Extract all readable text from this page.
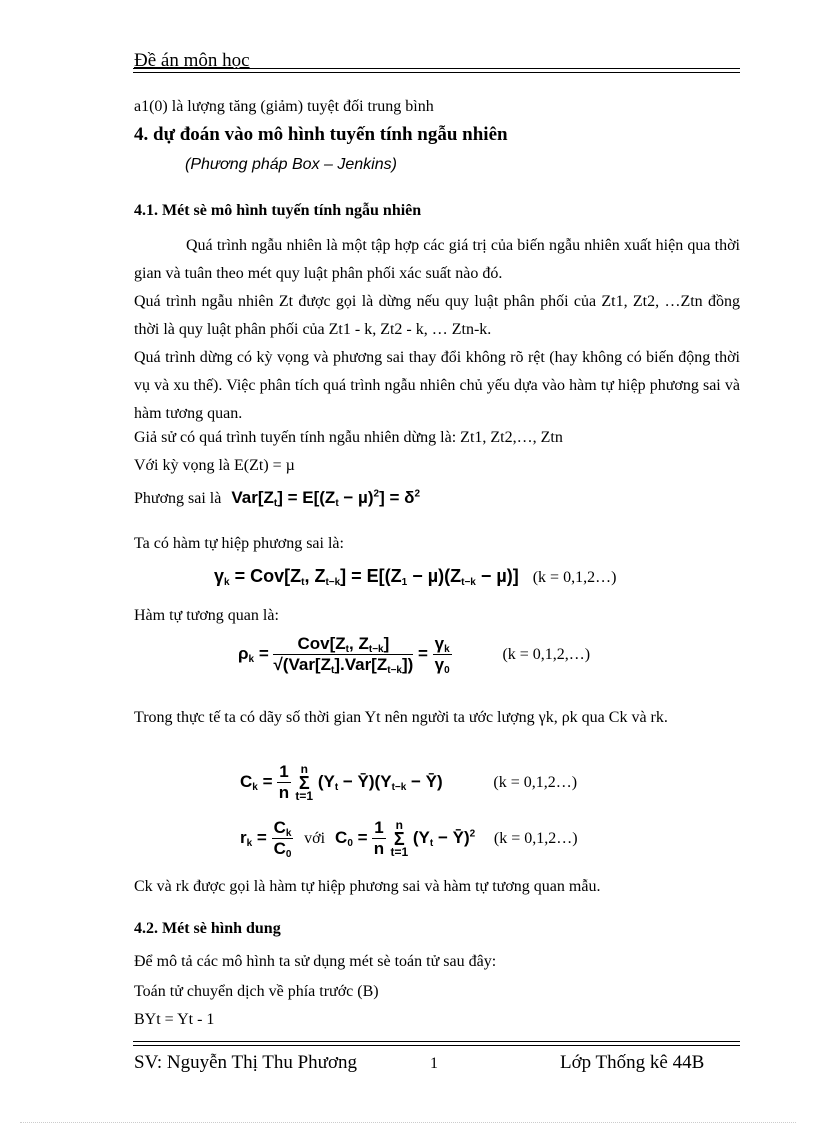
Đề án môn học
a1(0) là lượng tăng (giảm) tuyệt đối trung bình
4. dự đoán vào mô hình tuyến tính ngẫu nhiên
(Phương pháp Box – Jenkins)
4.1. Mét sè mô hình tuyến tính ngẫu nhiên
Quá trình ngẫu nhiên là một tập hợp các giá trị của biến ngẫu nhiên xuất hiện qua thời gian và tuân theo mét quy luật phân phối xác suất nào đó.
Quá trình ngẫu nhiên Zt được gọi là dừng nếu quy luật phân phối của Zt1, Zt2, …Ztn đồng thời là quy luật phân phối của Zt1 - k, Zt2 - k, … Ztn-k.
Quá trình dừng có kỳ vọng và phương sai thay đổi không rõ rệt (hay không có biến động thời vụ và xu thế). Việc phân tích quá trình ngẫu nhiên chủ yếu dựa vào hàm tự hiệp phương sai và hàm tương quan.
Giả sử có quá trình tuyến tính ngẫu nhiên dừng là: Zt1, Zt2,…, Ztn
Với kỳ vọng là E(Zt) = µ
Phương sai là $Var[Z_t] = E[(Z_t - \mu)^2] = \delta^2$
Ta có hàm tự hiệp phương sai là:
$\gamma_k = Cov[Z_t$, $Z_{t-k}] = E[(Z_1 - \mu)(Z_{t-k} - \mu)]$ (k = 0,1,2…)
Hàm tự tương quan là:
$\rho_k = \frac{Cov[Z_t, Z_{t-k}]}{√(Var[Z_t].Var[Z_{t-k}])} = \frac{\gamma_k}{\gamma_0}$	(k = 0,1,2,…)
Trong thực tế ta có dãy số thời gian Yt nên người ta ước lượng γk, ρk qua Ck và rk.
$C_k = \frac{1}{n}$
n
Σ
t=1
($Y_t$ − $Ȳ)(Y_{t-k}$ − Ȳ)	(k = 0,1,2…)
$r_k = \frac{C_k}{C_0}$ với $C_0 = \frac{1}{n}$
n
Σ
t=1
($Y_t$ − Ȳ)$^2$ (k = 0,1,2…)
Ck và rk được gọi là hàm tự hiệp phương sai và hàm tự tương quan mẫu.
4.2. Mét sè hình dung
Để mô tả các mô hình ta sử dụng mét sè toán tử sau đây:
Toán tử chuyển dịch về phía trước (B)
BYt = Yt - 1
SV: Nguyễn Thị Thu Phương	1	Lớp Thống kê 44B
